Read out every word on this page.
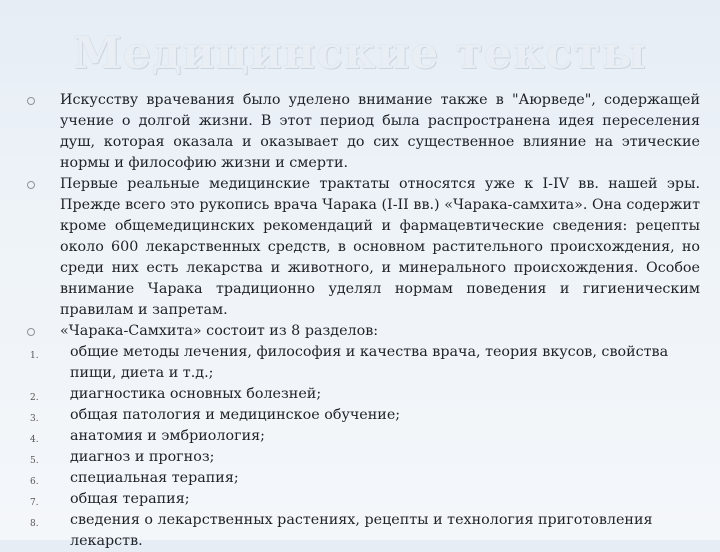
Медицинские тексты
Искусству врачевания было уделено внимание также в "Аюрведе", содержащей учение о долгой жизни. В этот период была распространена идея переселения душ, которая оказала и оказывает до сих существенное влияние на этические нормы и философию жизни и смерти.
Первые реальные медицинские трактаты относятся уже к I-IV вв. нашей эры. Прежде всего это рукопись врача Чарака (I-II вв.) «Чарака-самхита». Она содержит кроме общемедицинских рекомендаций и фармацевтические сведения: рецепты около 600 лекарственных средств, в основном растительного происхождения, но среди них есть лекарства и животного, и минерального происхождения. Особое внимание Чарака традиционно уделял нормам поведения и гигиеническим правилам и запретам.
«Чарака-Самхита» состоит из 8 разделов:
1. общие методы лечения, философия и качества врача, теория вкусов, свойства пищи, диета и т.д.;
2. диагностика основных болезней;
3. общая патология и медицинское обучение;
4. анатомия и эмбриология;
5. диагноз и прогноз;
6. специальная терапия;
7. общая терапия;
8. сведения о лекарственных растениях, рецепты и технология приготовления лекарств.
